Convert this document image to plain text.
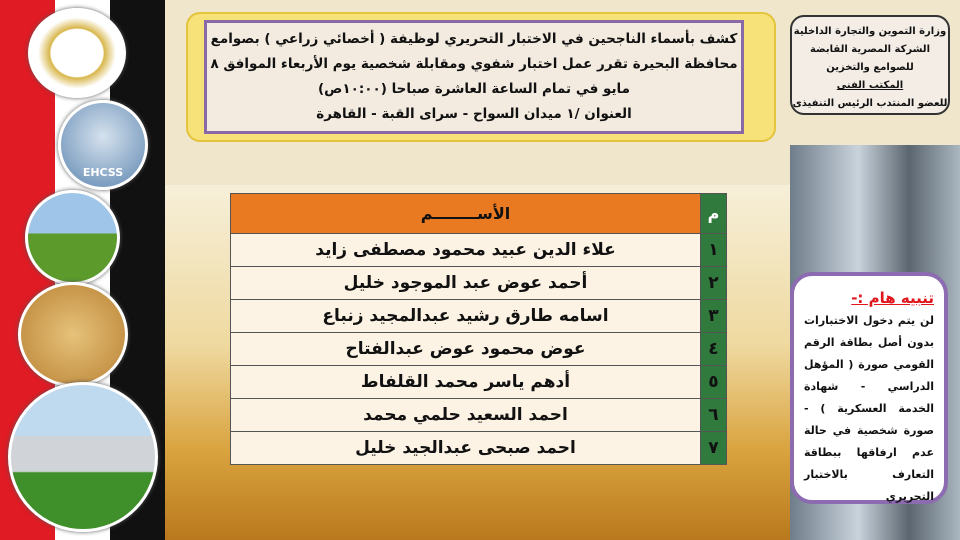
EHCSS
كشف بأسماء الناجحين في الاختبار التحريري لوظيفة ( أخصائي زراعي ) بصوامع
محافظة البحيرة تقرر عمل اختبار شفوي ومقابلة شخصية يوم الأربعاء الموافق ٨
مايو في تمام الساعة العاشرة صباحا (١٠:٠٠ص)
العنوان /١ ميدان السواح - سراى القبة - القاهرة
وزارة التموين والتجارة الداخلية
الشركة المصرية القابضة
للصوامع والتخزين
المكتب الفنى
للعضو المنتدب الرئيس التنفيذى
م	الأســــــــم
١	علاء الدين عبيد محمود مصطفى زايد
٢	أحمد عوض عبد الموجود خليل
٣	اسامه طارق رشيد عبدالمجيد زنباع
٤	عوض محمود عوض عبدالفتاح
٥	أدهم ياسر محمد القلفاط
٦	احمد السعيد حلمي محمد
٧	احمد صبحى عبدالجيد خليل
تنبيه هام :-
لن يتم دخول الاختبارات بدون أصل بطاقة الرقم القومي صورة ( المؤهل الدراسي - شهادة الخدمة العسكرية ) - صورة شخصية في حالة عدم ارفاقها ببطاقة التعارف بالاختبار التحريري
